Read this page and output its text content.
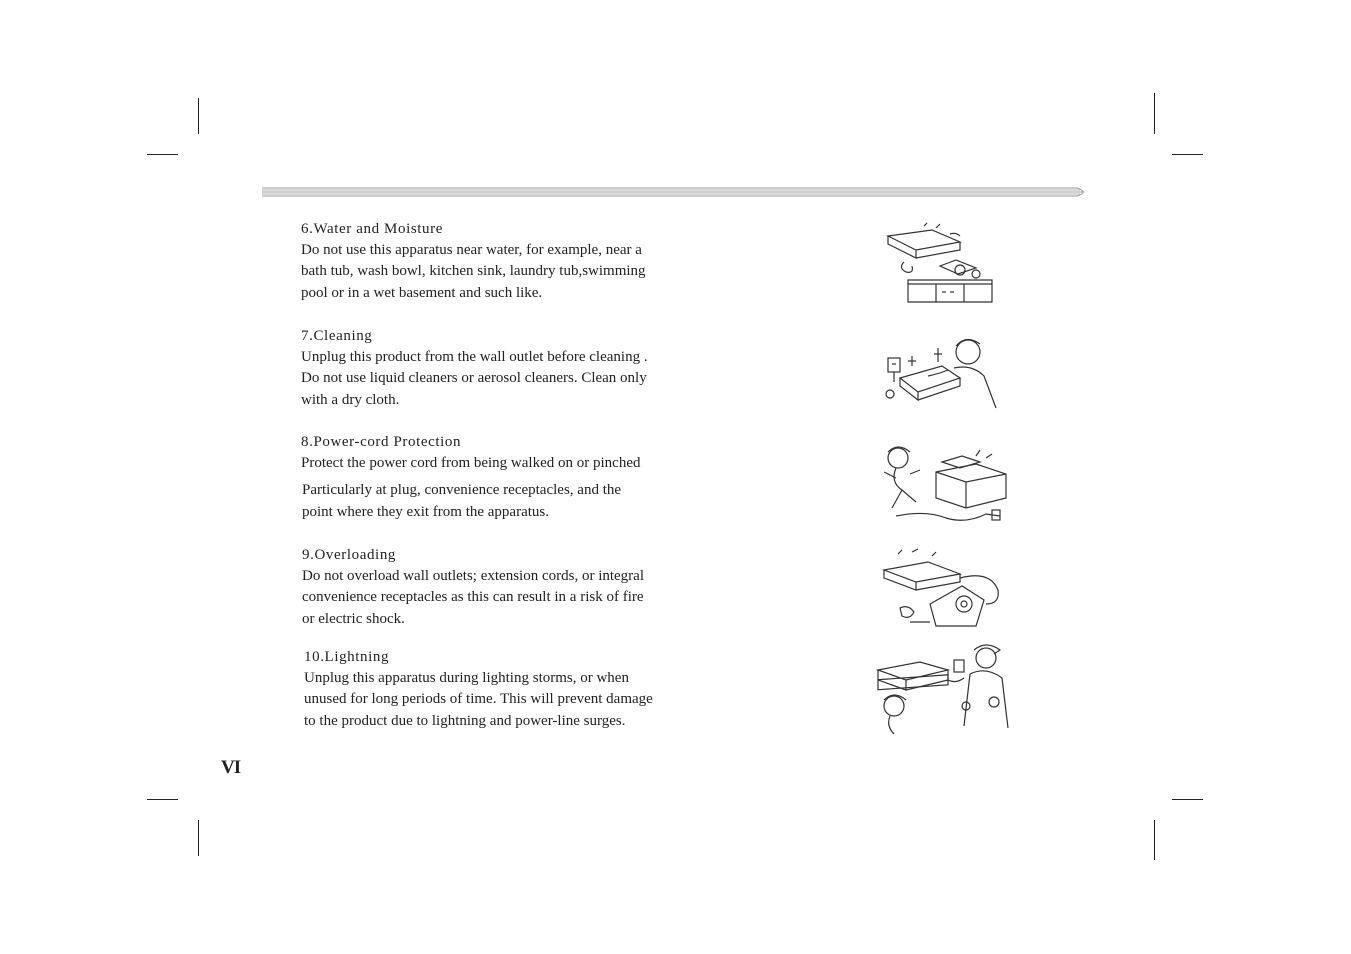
6.Water and Moisture

Do not use this apparatus near water, for example, near a

bath tub, wash bowl, kitchen sink, laundry tub,swimming

pool or in a wet basement and such like.

7.Cleaning

Unplug this product from the wall outlet before cleaning .

Do not use liquid cleaners or aerosol cleaners. Clean only

with a dry cloth.

8.Power-cord Protection

Protect the power cord from being walked on or pinched

Particularly at plug, convenience receptacles, and the

point where they exit from the apparatus.

9.Overloading

Do not overload wall outlets; extension cords, or integral

convenience receptacles as this can result in a risk of fire

or electric shock.

10.Lightning

Unplug this apparatus during lighting storms, or when

unused for long periods of time. This will prevent damage

to the product due to lightning and power-line surges.

VI
